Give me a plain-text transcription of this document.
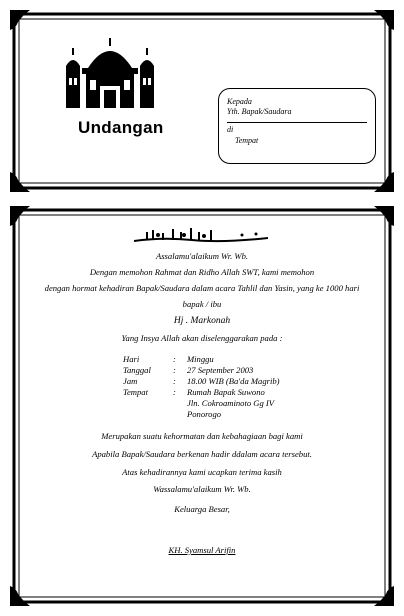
Undangan
Kepada
Yth. Bapak/Saudara
di
Tempat
Assalamu'alaikum Wr. Wb.
Dengan memohon Rahmat dan Ridho Allah SWT, kami memohon
dengan hormat kehadiran Bapak/Saudara dalam acara Tahlil dan Yasin, yang ke 1000 hari
bapak / ibu
Hj . Markonah
Yang Insya Allah akan diselenggarakan pada :
Hari	: Minggu
Tanggal	: 27 September 2003
Jam	: 18.00 WIB (Ba'da Magrib)
Tempat	: Rumah Bapak Suwono
Jln. Cokroaminoto Gg IV
Ponorogo
Merupakan suatu kehormatan dan kebahagiaan bagi kami
Apabila Bapak/Saudara berkenan hadir ddalam acara tersebut.
Atas kehadirannya kami ucapkan terima kasih
Wassalamu'alaikum Wr. Wb.
Keluarga Besar,
KH. Syamsul Arifin
